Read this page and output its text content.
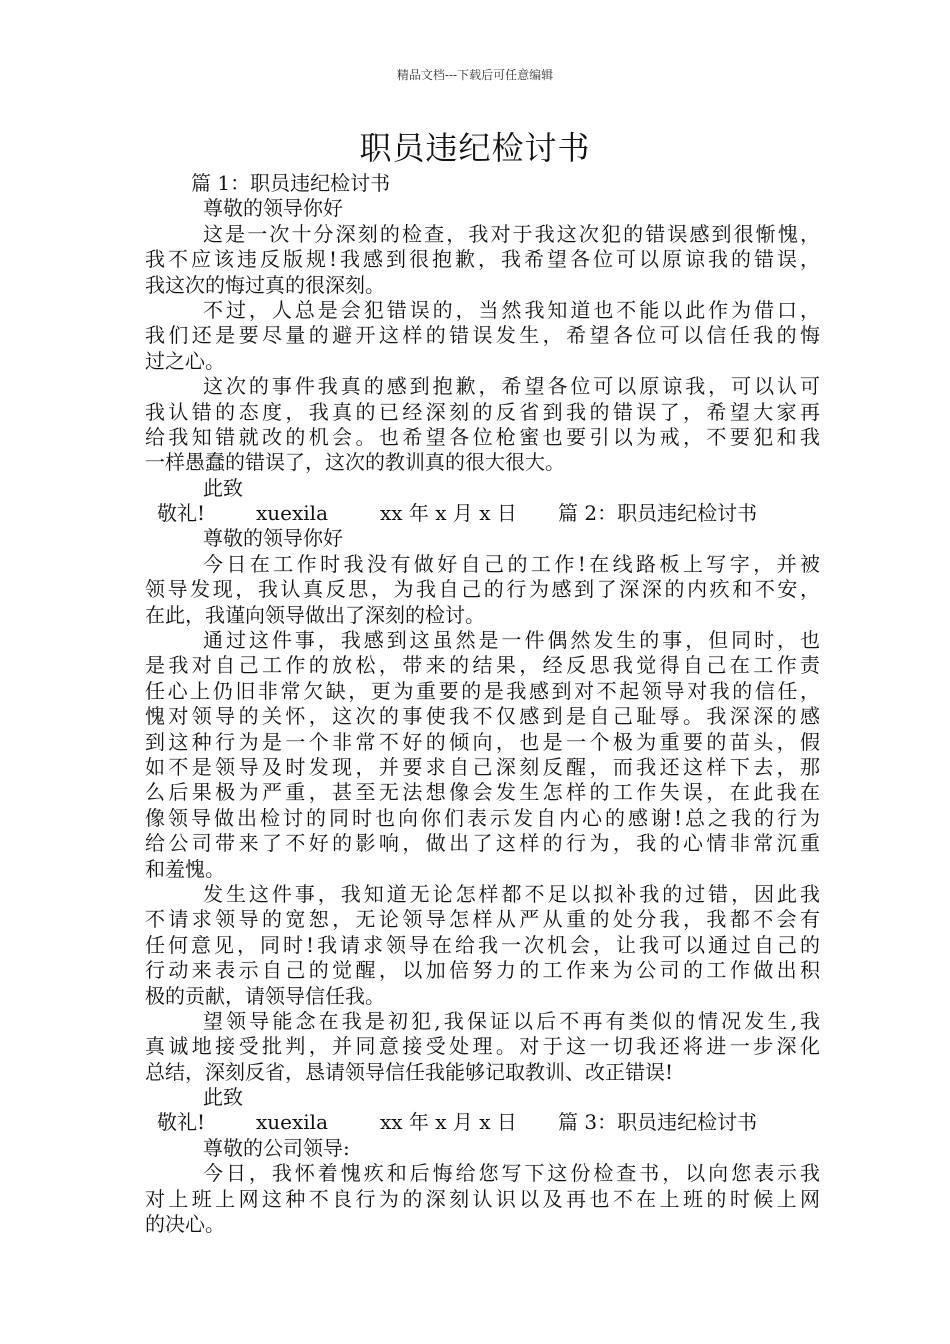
精品文档---下载后可任意编辑
职员违纪检讨书
篇 1：职员违纪检讨书
尊敬的领导你好
这是一次十分深刻的检查，我对于我这次犯的错误感到很惭愧，
我不应该违反版规!我感到很抱歉，我希望各位可以原谅我的错误，
我这次的悔过真的很深刻。
不过，人总是会犯错误的，当然我知道也不能以此作为借口，
我们还是要尽量的避开这样的错误发生，希望各位可以信任我的悔
过之心。
这次的事件我真的感到抱歉，希望各位可以原谅我，可以认可
我认错的态度，我真的已经深刻的反省到我的错误了，希望大家再
给我知错就改的机会。也希望各位枪蜜也要引以为戒，不要犯和我
一样愚蠢的错误了，这次的教训真的很大很大。
此致
敬礼!	xuexila	xx 年 x 月 x 日 篇 2：职员违纪检讨书
尊敬的领导你好
今日在工作时我没有做好自己的工作!在线路板上写字，并被
领导发现，我认真反思，为我自己的行为感到了深深的内疚和不安，
在此，我谨向领导做出了深刻的检讨。
通过这件事，我感到这虽然是一件偶然发生的事，但同时，也
是我对自己工作的放松，带来的结果，经反思我觉得自己在工作责
任心上仍旧非常欠缺，更为重要的是我感到对不起领导对我的信任，
愧对领导的关怀，这次的事使我不仅感到是自己耻辱。我深深的感
到这种行为是一个非常不好的倾向，也是一个极为重要的苗头，假
如不是领导及时发现，并要求自己深刻反醒，而我还这样下去，那
么后果极为严重，甚至无法想像会发生怎样的工作失误，在此我在
像领导做出检讨的同时也向你们表示发自内心的感谢!总之我的行为
给公司带来了不好的影响，做出了这样的行为，我的心情非常沉重
和羞愧。
发生这件事，我知道无论怎样都不足以拟补我的过错，因此我
不请求领导的宽恕，无论领导怎样从严从重的处分我，我都不会有
任何意见，同时!我请求领导在给我一次机会，让我可以通过自己的
行动来表示自己的觉醒，以加倍努力的工作来为公司的工作做出积
极的贡献，请领导信任我。
望领导能念在我是初犯,我保证以后不再有类似的情况发生,我
真诚地接受批判，并同意接受处理。对于这一切我还将进一步深化
总结，深刻反省，恳请领导信任我能够记取教训、改正错误!
此致
敬礼!	xuexila	xx 年 x 月 x 日 篇 3：职员违纪检讨书
尊敬的公司领导:
今日，我怀着愧疚和后悔给您写下这份检查书，以向您表示我
对上班上网这种不良行为的深刻认识以及再也不在上班的时候上网
的决心。
